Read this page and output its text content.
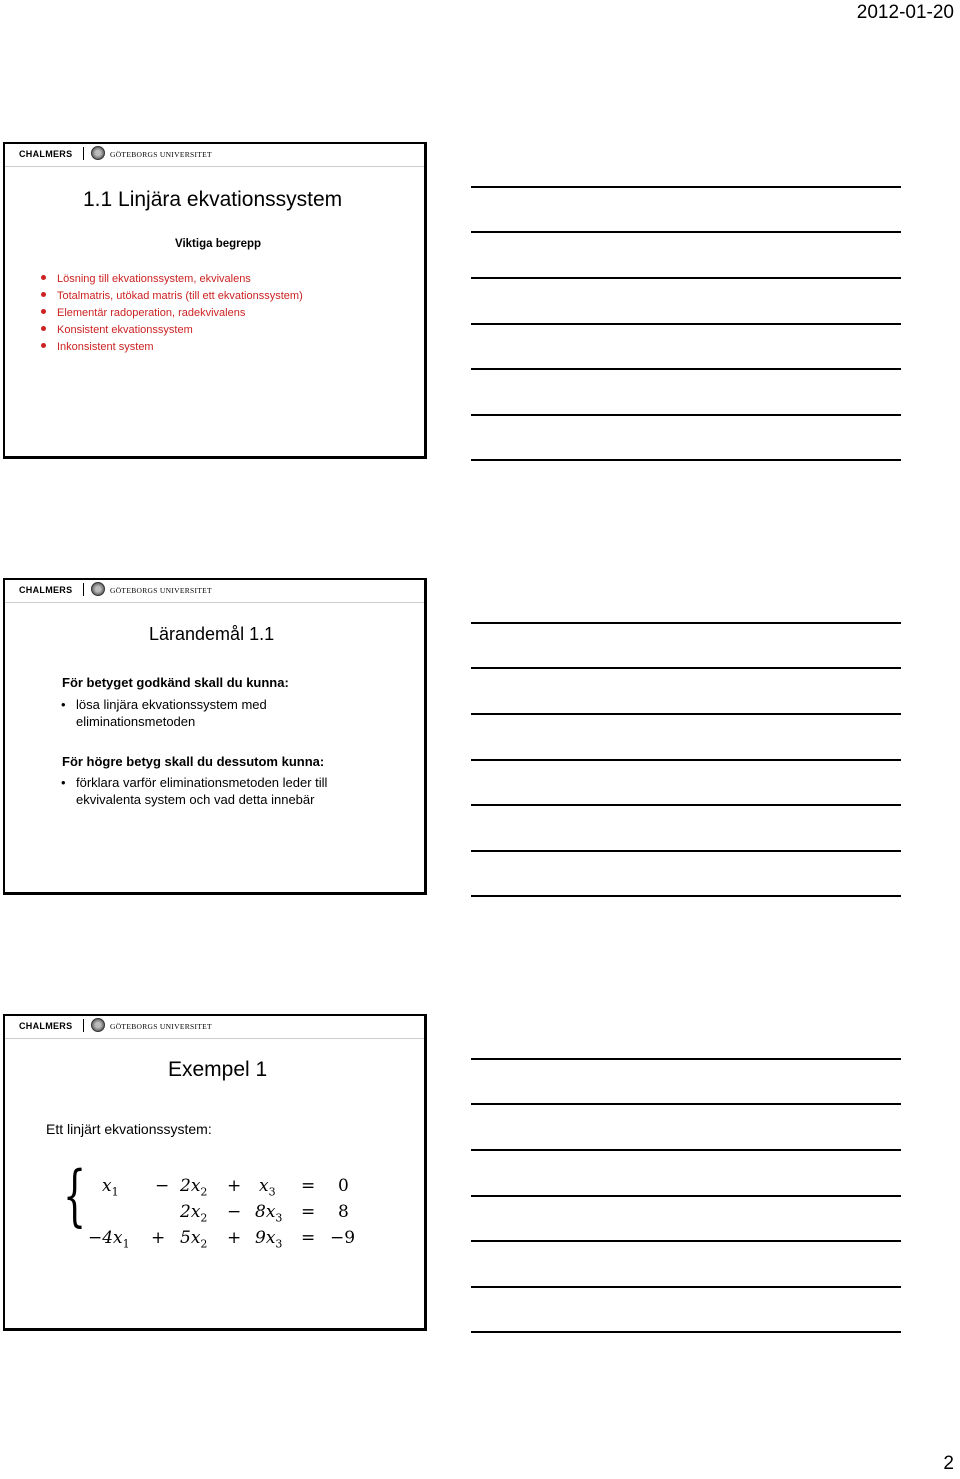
2012-01-20
CHALMERS	GÖTEBORGS UNIVERSITET
1.1 Linjära ekvationssystem
Viktiga begrepp
Lösning till ekvationssystem, ekvivalens
Totalmatris, utökad matris (till ett ekvationssystem)
Elementär radoperation, radekvivalens
Konsistent ekvationssystem
Inkonsistent system
CHALMERS	GÖTEBORGS UNIVERSITET
Lärandemål 1.1
För betyget godkänd skall du kunna:
• lösa linjära ekvationssystem med
eliminationsmetoden
För högre betyg skall du dessutom kunna:
• förklara varför eliminationsmetoden leder till
ekvivalenta system och vad detta innebär
CHALMERS	GÖTEBORGS UNIVERSITET
Exempel 1
Ett linjärt ekvationssystem:
{ $x_1 - 2x_2 + x_3 = 0$
$2x_2 - 8x_3 = 8$
$-4x_1 + 5x_2 + 9x_3 = -9$
2
